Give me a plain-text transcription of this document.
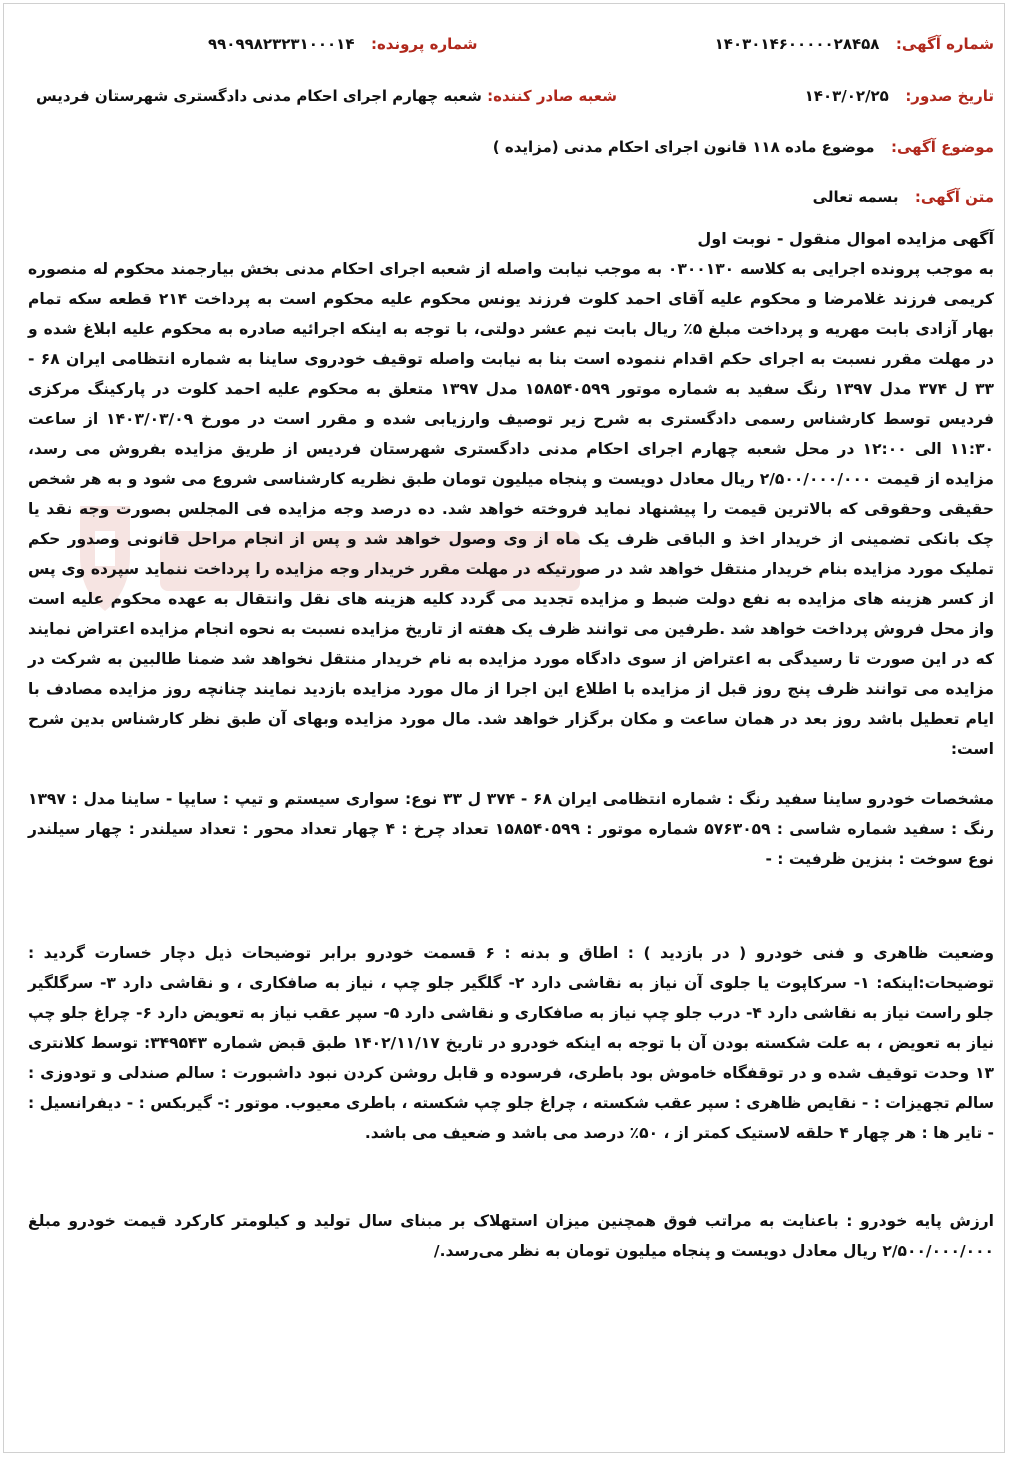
شماره آگهی:  ۱۴۰۳۰۱۴۶۰۰۰۰۰۲۸۴۵۸
شماره پرونده:  ۹۹۰۹۹۸۲۳۲۳۱۰۰۰۱۴
تاریخ صدور:  ۱۴۰۳/۰۲/۲۵
شعبه صادر کننده: شعبه چهارم اجرای احکام مدنی دادگستری شهرستان فردیس
موضوع آگهی:  موضوع ماده ۱۱۸ قانون اجرای احکام مدنی (مزایده )
متن آگهی:  بسمه تعالی
آگهی مزایده اموال منقول - نوبت اول

به موجب پرونده اجرایی به کلاسه ۰۳۰۰۱۳۰ به موجب نیابت واصله از شعبه اجرای احکام مدنی بخش بیارجمند محکوم له منصوره کریمی فرزند غلامرضا و محکوم علیه آقای احمد کلوت فرزند یونس محکوم علیه محکوم است به پرداخت ۲۱۴ قطعه سکه تمام بهار آزادی بابت مهریه و پرداخت مبلغ ۵٪ ریال بابت نیم عشر دولتی، با توجه به اینکه اجرائیه صادره به محکوم علیه ابلاغ شده و در مهلت مقرر نسبت به اجرای حکم اقدام ننموده است بنا به نیابت واصله توقیف خودروی ساینا به شماره انتظامی ایران ۶۸ - ۳۳ ل ۳۷۴ مدل ۱۳۹۷ رنگ سفید به شماره موتور ۱۵۸۵۴۰۵۹۹ مدل ۱۳۹۷ متعلق به محکوم علیه احمد کلوت در پارکینگ مرکزی فردیس توسط کارشناس رسمی دادگستری به شرح زیر توصیف وارزیابی شده و مقرر است در مورخ ۱۴۰۳/۰۳/۰۹ از ساعت ۱۱:۳۰ الی ۱۲:۰۰ در محل شعبه چهارم اجرای احکام مدنی دادگستری شهرستان فردیس از طریق مزایده بفروش می رسد، مزایده از قیمت ۲/۵۰۰/۰۰۰/۰۰۰ ریال معادل دویست و پنجاه میلیون تومان طبق نظریه کارشناسی شروع می شود و به هر شخص حقیقی وحقوقی که بالاترین قیمت را پیشنهاد نماید فروخته خواهد شد. ده درصد وجه مزایده فی المجلس بصورت وجه نقد یا چک بانکی تضمینی از خریدار اخذ و الباقی ظرف یک ماه از وی وصول خواهد شد و پس از انجام مراحل قانونی وصدور حکم تملیک مورد مزایده بنام خریدار منتقل خواهد شد در صورتیکه در مهلت مقرر خریدار وجه مزایده را پرداخت ننماید سپرده وی پس از کسر هزینه های مزایده به نفع دولت ضبط و مزایده تجدید می گردد کلیه هزینه های نقل وانتقال به عهده محکوم علیه است واز محل فروش پرداخت خواهد شد .طرفین می توانند ظرف یک هفته از تاریخ مزایده نسبت به نحوه انجام مزایده اعتراض نمایند که در این صورت تا رسیدگی به اعتراض از سوی دادگاه مورد مزایده به نام خریدار منتقل نخواهد شد ضمنا طالبین به شرکت در مزایده می توانند ظرف پنج روز قبل از مزایده با اطلاع این اجرا از مال مورد مزایده بازدید نمایند چنانچه روز مزایده مصادف با ایام تعطیل باشد روز بعد در همان ساعت و مکان برگزار خواهد شد. مال مورد مزایده وبهای آن طبق نظر کارشناس بدین شرح است:

مشخصات خودرو ساینا سفید رنگ : شماره انتظامی ایران ۶۸ - ۳۷۴ ل ۳۳ نوع: سواری سیستم و تیپ : سایپا - ساینا مدل : ۱۳۹۷ رنگ : سفید شماره شاسی : ۵۷۶۳۰۵۹ شماره موتور : ۱۵۸۵۴۰۵۹۹ تعداد چرخ : ۴ چهار تعداد محور : تعداد سیلندر : چهار سیلندر نوع سوخت : بنزین ظرفیت : -

وضعیت ظاهری و فنی خودرو ( در بازدید ) : اطاق و بدنه : ۶ قسمت خودرو برابر توضیحات ذیل دچار خسارت گردید : توضیحات:اینکه: ۱- سرکاپوت یا جلوی آن نیاز به نقاشی دارد ۲- گلگیر جلو چپ ، نیاز به صافکاری ، و نقاشی دارد ۳- سرگلگیر جلو راست نیاز به نقاشی دارد ۴- درب جلو چپ نیاز به صافکاری و نقاشی دارد ۵- سپر عقب نیاز به تعویض دارد ۶- چراغ جلو چپ نیاز به تعویض ، به علت شکسته بودن آن با توجه به اینکه خودرو در تاریخ ۱۴۰۲/۱۱/۱۷ طبق قبض شماره ۳۴۹۵۴۳: توسط کلانتری ۱۳ وحدت توقیف شده و در توقفگاه خاموش بود باطری، فرسوده و قابل روشن کردن نبود داشبورت : سالم صندلی و تودوزی : سالم تجهیزات : - نقایص ظاهری : سپر عقب شکسته ، چراغ جلو چپ شکسته ، باطری معیوب. موتور :- گیربکس : - دیفرانسیل : - تایر ها : هر چهار ۴ حلقه لاستیک کمتر از ، ۵۰٪ درصد می باشد و ضعیف می باشد.

ارزش پایه خودرو : باعنایت به مراتب فوق همچنین میزان استهلاک بر مبنای سال تولید و کیلومتر کارکرد قیمت خودرو مبلغ ۲/۵۰۰/۰۰۰/۰۰۰ ریال معادل دویست و پنجاه میلیون تومان به نظر می‌رسد./
